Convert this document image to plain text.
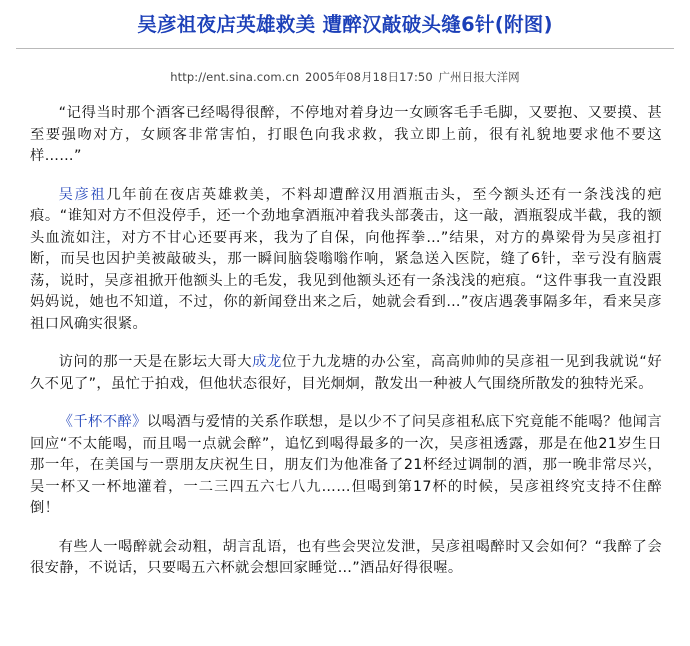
吴彦祖夜店英雄救美 遭醉汉敲破头缝6针(附图)
http://ent.sina.com.cn 2005年08月18日17:50 广州日报大洋网

“记得当时那个酒客已经喝得很醉，不停地对着身边一女顾客毛手毛脚，又要抱、又要摸、甚至要强吻对方，女顾客非常害怕，打眼色向我求救，我立即上前，很有礼貌地要求他不要这样……”

吴彦祖几年前在夜店英雄救美，不料却遭醉汉用酒瓶击头，至今额头还有一条浅浅的疤痕。“谁知对方不但没停手，还一个劲地拿酒瓶冲着我头部袭击，这一敲，酒瓶裂成半截，我的额头血流如注，对方不甘心还要再来，我为了自保，向他挥拳…”结果，对方的鼻梁骨为吴彦祖打断，而吴也因护美被敲破头，那一瞬间脑袋嗡嗡作响，紧急送入医院，缝了6针，幸亏没有脑震荡，说时，吴彦祖掀开他额头上的毛发，我见到他额头还有一条浅浅的疤痕。“这件事我一直没跟妈妈说，她也不知道，不过，你的新闻登出来之后，她就会看到…”夜店遇袭事隔多年，看来吴彦祖口风确实很紧。

访问的那一天是在影坛大哥大成龙位于九龙塘的办公室，高高帅帅的吴彦祖一见到我就说“好久不见了”，虽忙于拍戏，但他状态很好，目光炯炯，散发出一种被人气围绕所散发的独特光采。

《千杯不醉》以喝酒与爱情的关系作联想，是以少不了问吴彦祖私底下究竟能不能喝？他闻言回应“不太能喝，而且喝一点就会醉”，追忆到喝得最多的一次，吴彦祖透露，那是在他21岁生日那一年，在美国与一票朋友庆祝生日，朋友们为他准备了21杯经过调制的酒，那一晚非常尽兴，吴一杯又一杯地灌着，一二三四五六七八九……但喝到第17杯的时候，吴彦祖终究支持不住醉倒！

有些人一喝醉就会动粗，胡言乱语，也有些会哭泣发泄，吴彦祖喝醉时又会如何？“我醉了会很安静，不说话，只要喝五六杯就会想回家睡觉…”酒品好得很喔。
